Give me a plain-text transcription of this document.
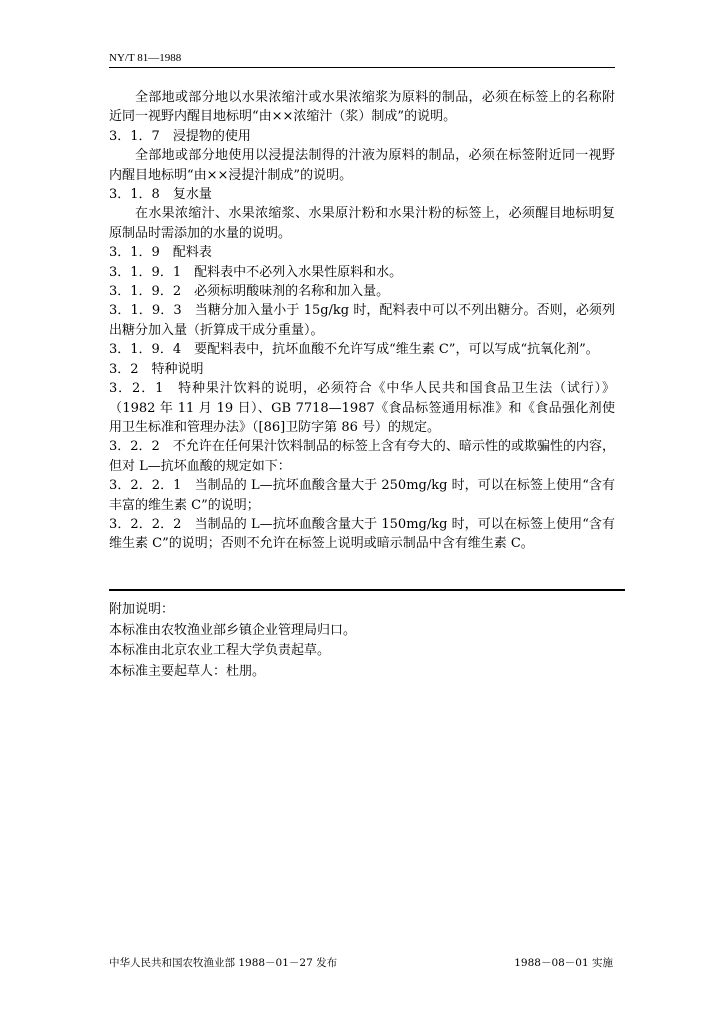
NY/T 81—1988

全部地或部分地以水果浓缩汁或水果浓缩浆为原料的制品，必须在标签上的名称附近同一视野内醒目地标明“由××浓缩汁（浆）制成”的说明。

3．1．7　浸提物的使用

全部地或部分地使用以浸提法制得的汁液为原料的制品，必须在标签附近同一视野内醒目地标明“由××浸提汁制成”的说明。

3．1．8　复水量

在水果浓缩汁、水果浓缩浆、水果原汁粉和水果汁粉的标签上，必须醒目地标明复原制品时需添加的水量的说明。

3．1．9　配料表

3．1．9．1　配料表中不必列入水果性原料和水。

3．1．9．2　必须标明酸味剂的名称和加入量。

3．1．9．3　当糖分加入量小于 15g/kg 时，配料表中可以不列出糖分。否则，必须列出糖分加入量（折算成干成分重量）。

3．1．9．4　要配料表中，抗坏血酸不允许写成“维生素 C”，可以写成“抗氧化剂”。

3．2　特种说明

3．2．1　特种果汁饮料的说明，必须符合《中华人民共和国食品卫生法（试行）》（1982 年 11 月 19 日）、GB 7718—1987《食品标签通用标准》和《食品强化剂使用卫生标准和管理办法》（[86]卫防字第 86 号）的规定。

3．2．2　不允许在任何果汁饮料制品的标签上含有夸大的、暗示性的或欺骗性的内容，但对 L—抗坏血酸的规定如下：

3．2．2．1　当制品的 L—抗坏血酸含量大于 250mg/kg 时，可以在标签上使用“含有丰富的维生素 C”的说明；

3．2．2．2　当制品的 L—抗坏血酸含量大于 150mg/kg 时，可以在标签上使用“含有维生素 C”的说明；否则不允许在标签上说明或暗示制品中含有维生素 C。

附加说明：

本标准由农牧渔业部乡镇企业管理局归口。

本标准由北京农业工程大学负责起草。

本标准主要起草人：杜朋。

中华人民共和国农牧渔业部 1988－01－27 发布	1988－08－01 实施
